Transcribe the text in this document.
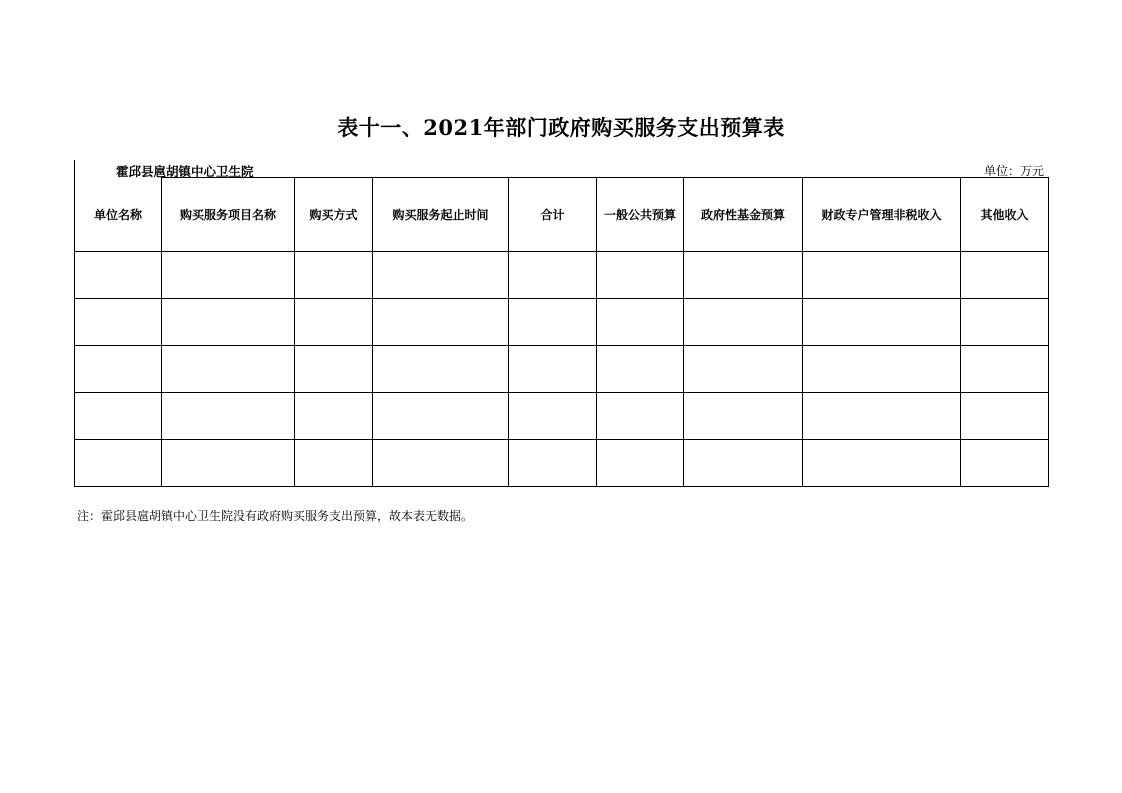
表十一、2021年部门政府购买服务支出预算表
霍邱县扈胡镇中心卫生院	单位：万元
单位名称	购买服务项目名称	购买方式	购买服务起止时间	合计	一般公共预算	政府性基金预算	财政专户管理非税收入	其他收入

注：霍邱县扈胡镇中心卫生院没有政府购买服务支出预算，故本表无数据。
